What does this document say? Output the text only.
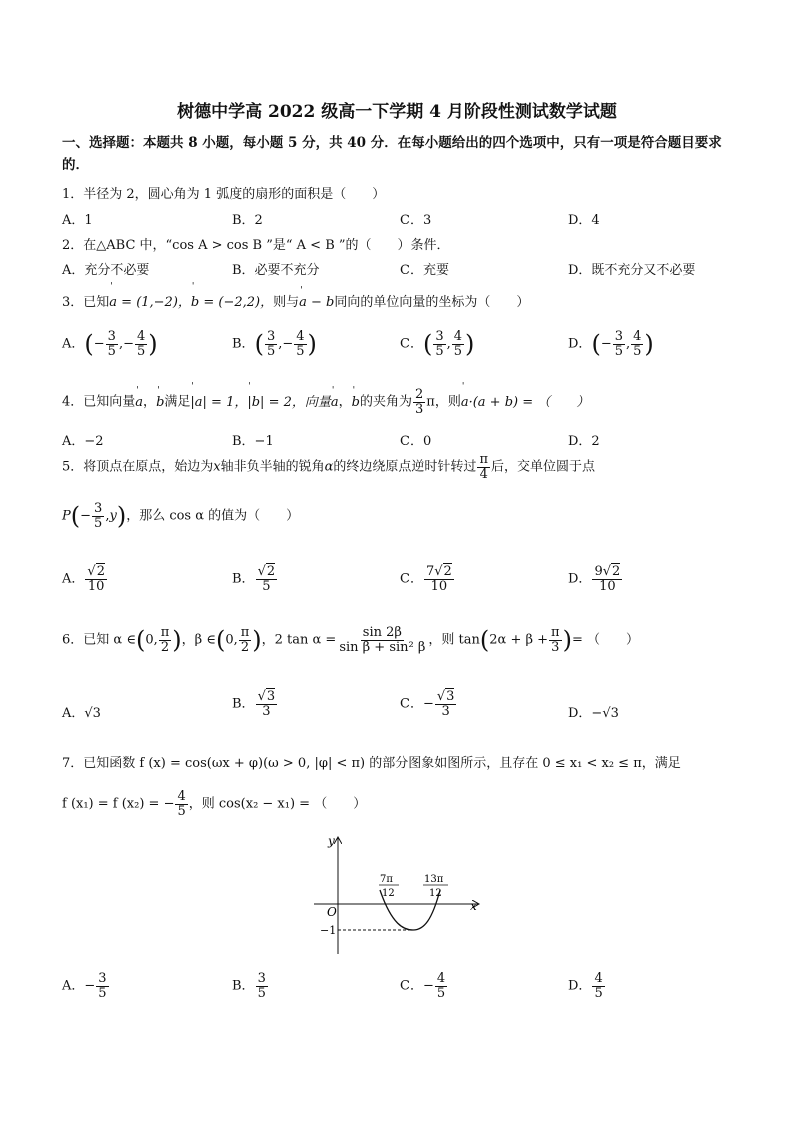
树德中学高 2022 级高一下学期 4 月阶段性测试数学试题
一、选择题：本题共 8 小题，每小题 5 分，共 40 分．在每小题给出的四个选项中，只有一项是符合题目要求的．
1．半径为 2，圆心角为 1 弧度的扇形的面积是（　　）
A．1	B．2	C．3	D．4
2．在△ABC 中，“cos A > cos B ”是“ A < B ”的（　　）条件．
A．充分不必要	B．必要不充分	C．充要	D．既不充分又不必要
3．已知' a = (1,−2)，' b = (−2,2)，则与' a − b同向的单位向量的坐标为（　　）
A．(− $\frac{3}{5}$ ,− $\frac{4}{5}$ )	B．( $\frac{3}{5}$ ,− $\frac{4}{5}$ )	C．( $\frac{3}{5}$ , $\frac{4}{5}$ )	D．(− $\frac{3}{5}$ , $\frac{4}{5}$ )
4．已知向量' a，' b满足' |a| = 1，' |b| = 2，向量' a，' b的夹角为 $\frac{2}{3}$ π，则' a·(a + b) = （　　）
A．−2	B．−1	C．0	D．2
5．将顶点在原点，始边为x轴非负半轴的锐角α的终边绕原点逆时针转过 $\frac{\pi}{4}$ 后，交单位圆于点
$P(- \frac{3}{5} ,y)$，那么 cos α 的值为（　　）
A． $\frac{√2}{10}$	B． $\frac{√2}{5}$	C． $\frac{7√2}{10}$	D． $\frac{9√2}{10}$
6．已知 α ∈(0, $\frac{\pi}{2}$ )，β ∈(0, $\frac{\pi}{2}$ )，2 $\tan \alpha = \frac{\sin 2\beta}{\text{sin β + sin² β}}$ ，则 $\tan(2\alpha + \beta + \frac{\pi}{3}$ )= （　　）
A．√3
B． $\frac{√3}{3}$	C．− $\frac{√3}{3}$	D．−√3
7．已知函数 f (x) = cos(ωx + φ)(ω > 0, |φ| < π) 的部分图象如图所示，且存在 0 ≤ x₁ < x₂ ≤ π，满足
f (x₁) = f (x₂) = − $\frac{4}{5}$ ，则 cos(x₂ − x₁) = （　　）
y
x
O
−1
7π
12
13π
12
A．− $\frac{3}{5}$	B． $\frac{3}{5}$	C．− $\frac{4}{5}$	D． $\frac{4}{5}$
